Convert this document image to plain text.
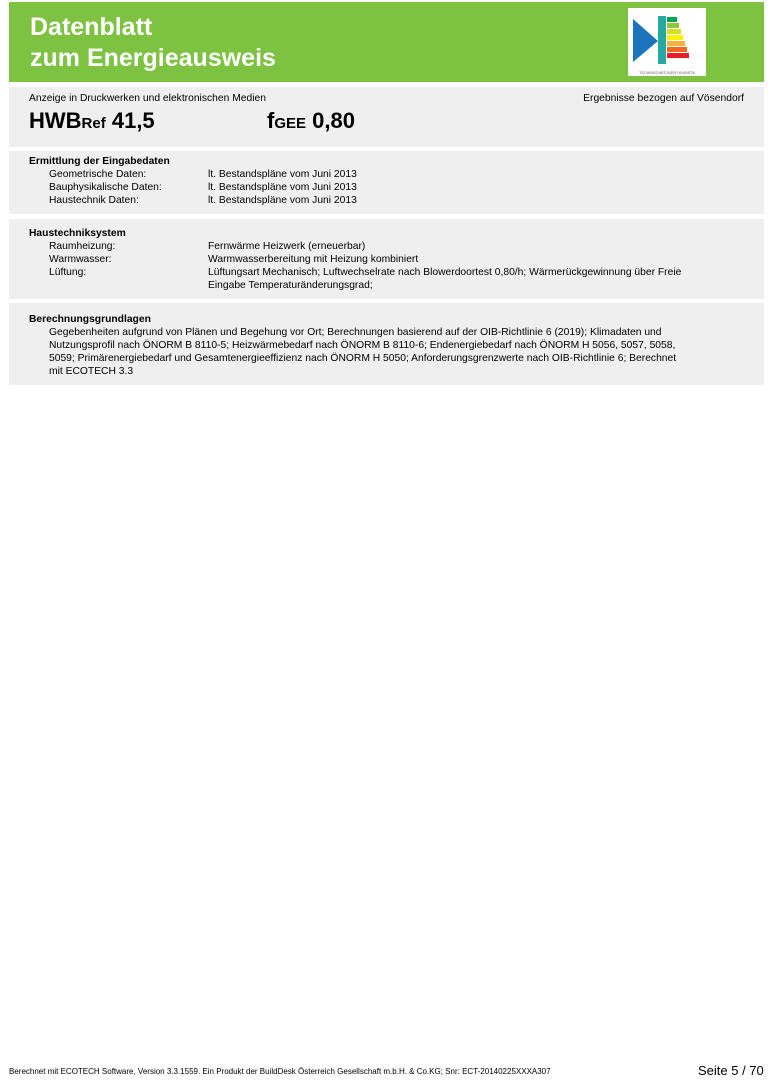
Datenblatt
zum Energieausweis
TECHNISCHES BÜRO KUBISTA
Anzeige in Druckwerken und elektronischen Medien	Ergebnisse bezogen auf Vösendorf
HWBRef 41,5	fGEE 0,80
Ermittlung der Eingabedaten
Geometrische Daten:	lt. Bestandspläne vom Juni 2013
Bauphysikalische Daten:	lt. Bestandspläne vom Juni 2013
Haustechnik Daten:	lt. Bestandspläne vom Juni 2013
Haustechniksystem
Raumheizung:	Fernwärme Heizwerk (erneuerbar)
Warmwasser:	Warmwasserbereitung mit Heizung kombiniert
Lüftung:	Lüftungsart Mechanisch; Luftwechselrate nach Blowerdoortest 0,80/h; Wärmerückgewinnung über Freie
Eingabe Temperaturänderungsgrad;
Berechnungsgrundlagen
Gegebenheiten aufgrund von Plänen und Begehung vor Ort; Berechnungen basierend auf der OIB-Richtlinie 6 (2019); Klimadaten und
Nutzungsprofil nach ÖNORM B 8110-5; Heizwärmebedarf nach ÖNORM B 8110-6; Endenergiebedarf nach ÖNORM H 5056, 5057, 5058,
5059; Primärenergiebedarf und Gesamtenergieeffizienz nach ÖNORM H 5050; Anforderungsgrenzwerte nach OIB-Richtlinie 6; Berechnet
mit ECOTECH 3.3
Berechnet mit ECOTECH Software, Version 3.3.1559. Ein Produkt der BuildDesk Österreich Gesellschaft m.b.H. & Co.KG; Snr: ECT-20140225XXXA307	Seite 5 / 70
